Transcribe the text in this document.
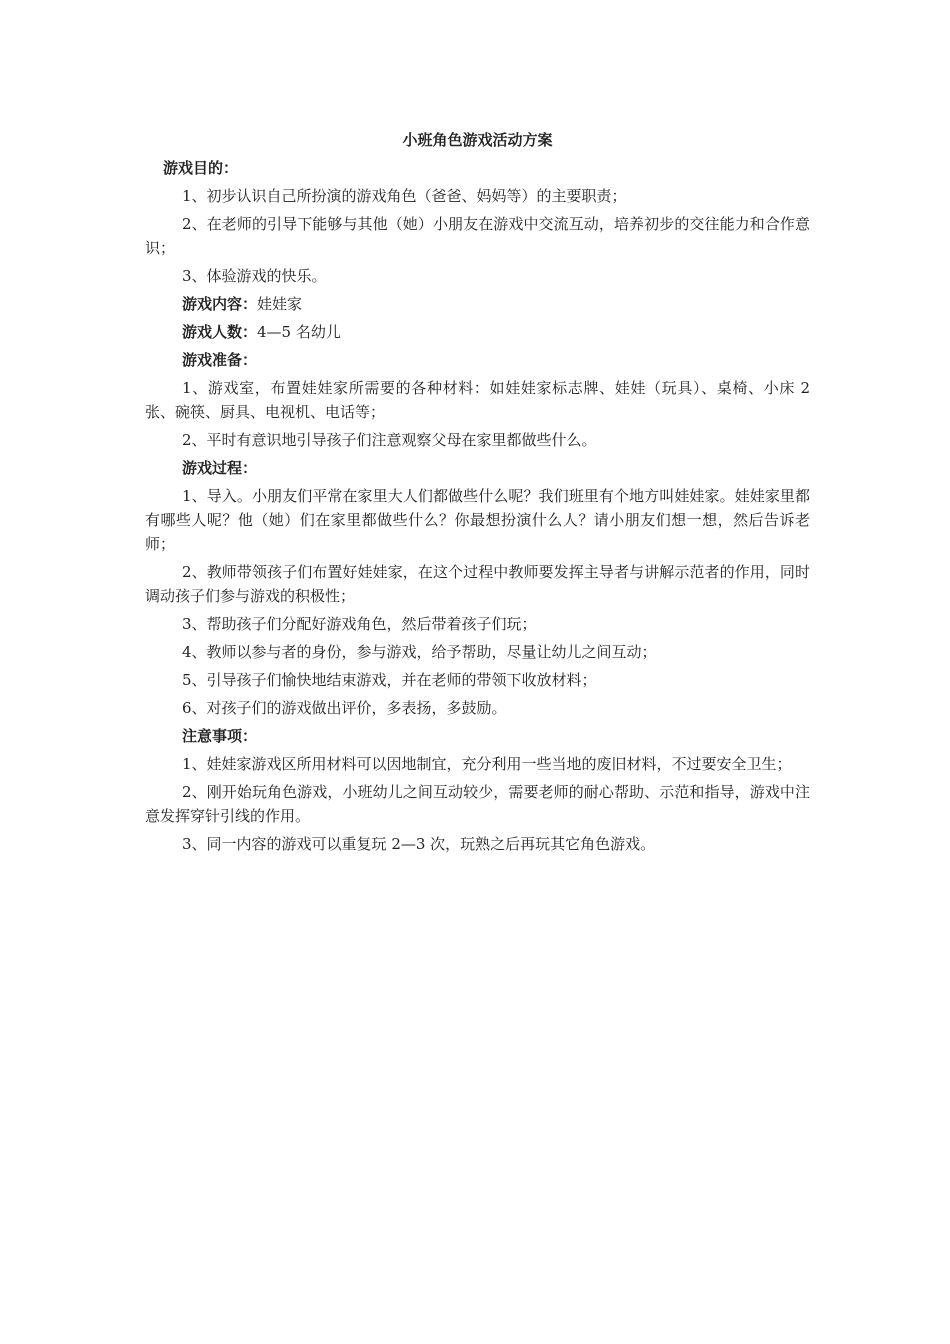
小班角色游戏活动方案
游戏目的：

1、初步认识自己所扮演的游戏角色（爸爸、妈妈等）的主要职责；

2、在老师的引导下能够与其他（她）小朋友在游戏中交流互动，培养初步的交往能力和合作意识；

3、体验游戏的快乐。

游戏内容：娃娃家

游戏人数：4—5 名幼儿

游戏准备：

1、游戏室，布置娃娃家所需要的各种材料：如娃娃家标志牌、娃娃（玩具）、桌椅、小床 2 张、碗筷、厨具、电视机、电话等；

2、平时有意识地引导孩子们注意观察父母在家里都做些什么。

游戏过程：

1、导入。小朋友们平常在家里大人们都做些什么呢？我们班里有个地方叫娃娃家。娃娃家里都有哪些人呢？他（她）们在家里都做些什么？你最想扮演什么人？请小朋友们想一想，然后告诉老师；

2、教师带领孩子们布置好娃娃家，在这个过程中教师要发挥主导者与讲解示范者的作用，同时调动孩子们参与游戏的积极性；

3、帮助孩子们分配好游戏角色，然后带着孩子们玩；

4、教师以参与者的身份，参与游戏，给予帮助，尽量让幼儿之间互动；

5、引导孩子们愉快地结束游戏，并在老师的带领下收放材料；

6、对孩子们的游戏做出评价，多表扬，多鼓励。

注意事项：

1、娃娃家游戏区所用材料可以因地制宜，充分利用一些当地的废旧材料，不过要安全卫生；

2、刚开始玩角色游戏，小班幼儿之间互动较少，需要老师的耐心帮助、示范和指导，游戏中注意发挥穿针引线的作用。

3、同一内容的游戏可以重复玩 2—3 次，玩熟之后再玩其它角色游戏。
